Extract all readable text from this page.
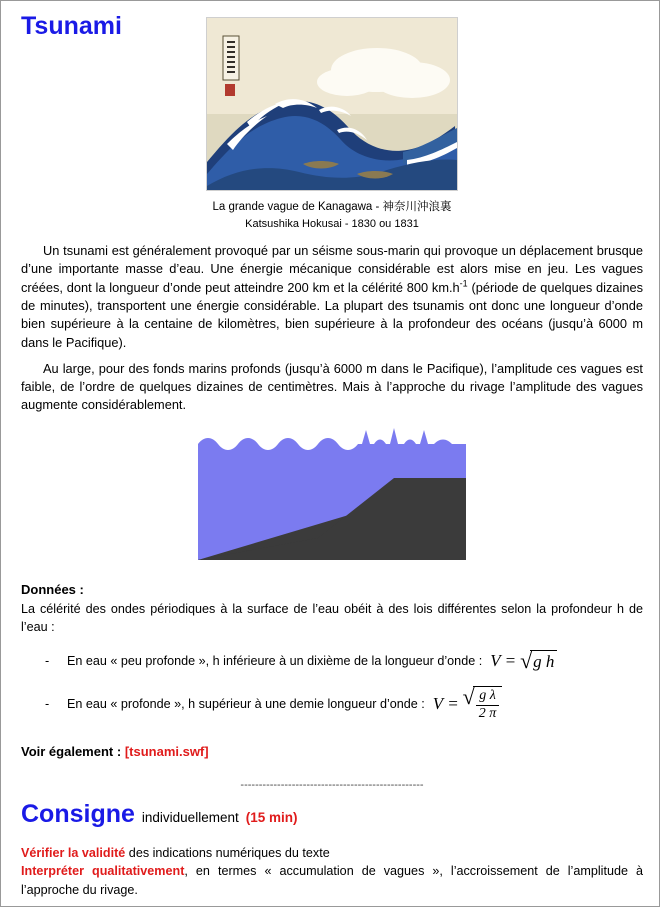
Tsunami
La grande vague de Kanagawa - 神奈川沖浪裏
Katsushika Hokusai - 1830 ou 1831

Un tsunami est généralement provoqué par un séisme sous-marin qui provoque un déplacement brusque d’une importante masse d’eau. Une énergie mécanique considérable est alors mise en jeu. Les vagues créées, dont la longueur d’onde peut atteindre 200 km et la célérité 800 $km.h^{-1}$ (période de quelques dizaines de minutes), transportent une énergie considérable. La plupart des tsunamis ont donc une longueur d’onde bien supérieure à la centaine de kilomètres, bien supérieure à la profondeur des océans (jusqu’à 6000 m dans le Pacifique).

Au large, pour des fonds marins profonds (jusqu’à 6000 m dans le Pacifique), l’amplitude ces vagues est faible, de l’ordre de quelques dizaines de centimètres. Mais à l’approche du rivage l’amplitude des vagues augmente considérablement.

Données :
La célérité des ondes périodiques à la surface de l’eau obéit à des lois différentes selon la profondeur h de l’eau :
-	En eau « peu profonde », h inférieure à un dixième de la longueur d’onde : V = √ g h
-	En eau « profonde », h supérieur à une demie longueur d’onde : V = √ $\frac{\text{g λ}}{2 \pi}$
Voir également : [tsunami.swf]
--------------------------------------------------
Consigne individuellement (15 min)
Vérifier la validité des indications numériques du texte
Interpréter qualitativement, en termes « accumulation de vagues », l’accroissement de l’amplitude à l’approche du rivage.
